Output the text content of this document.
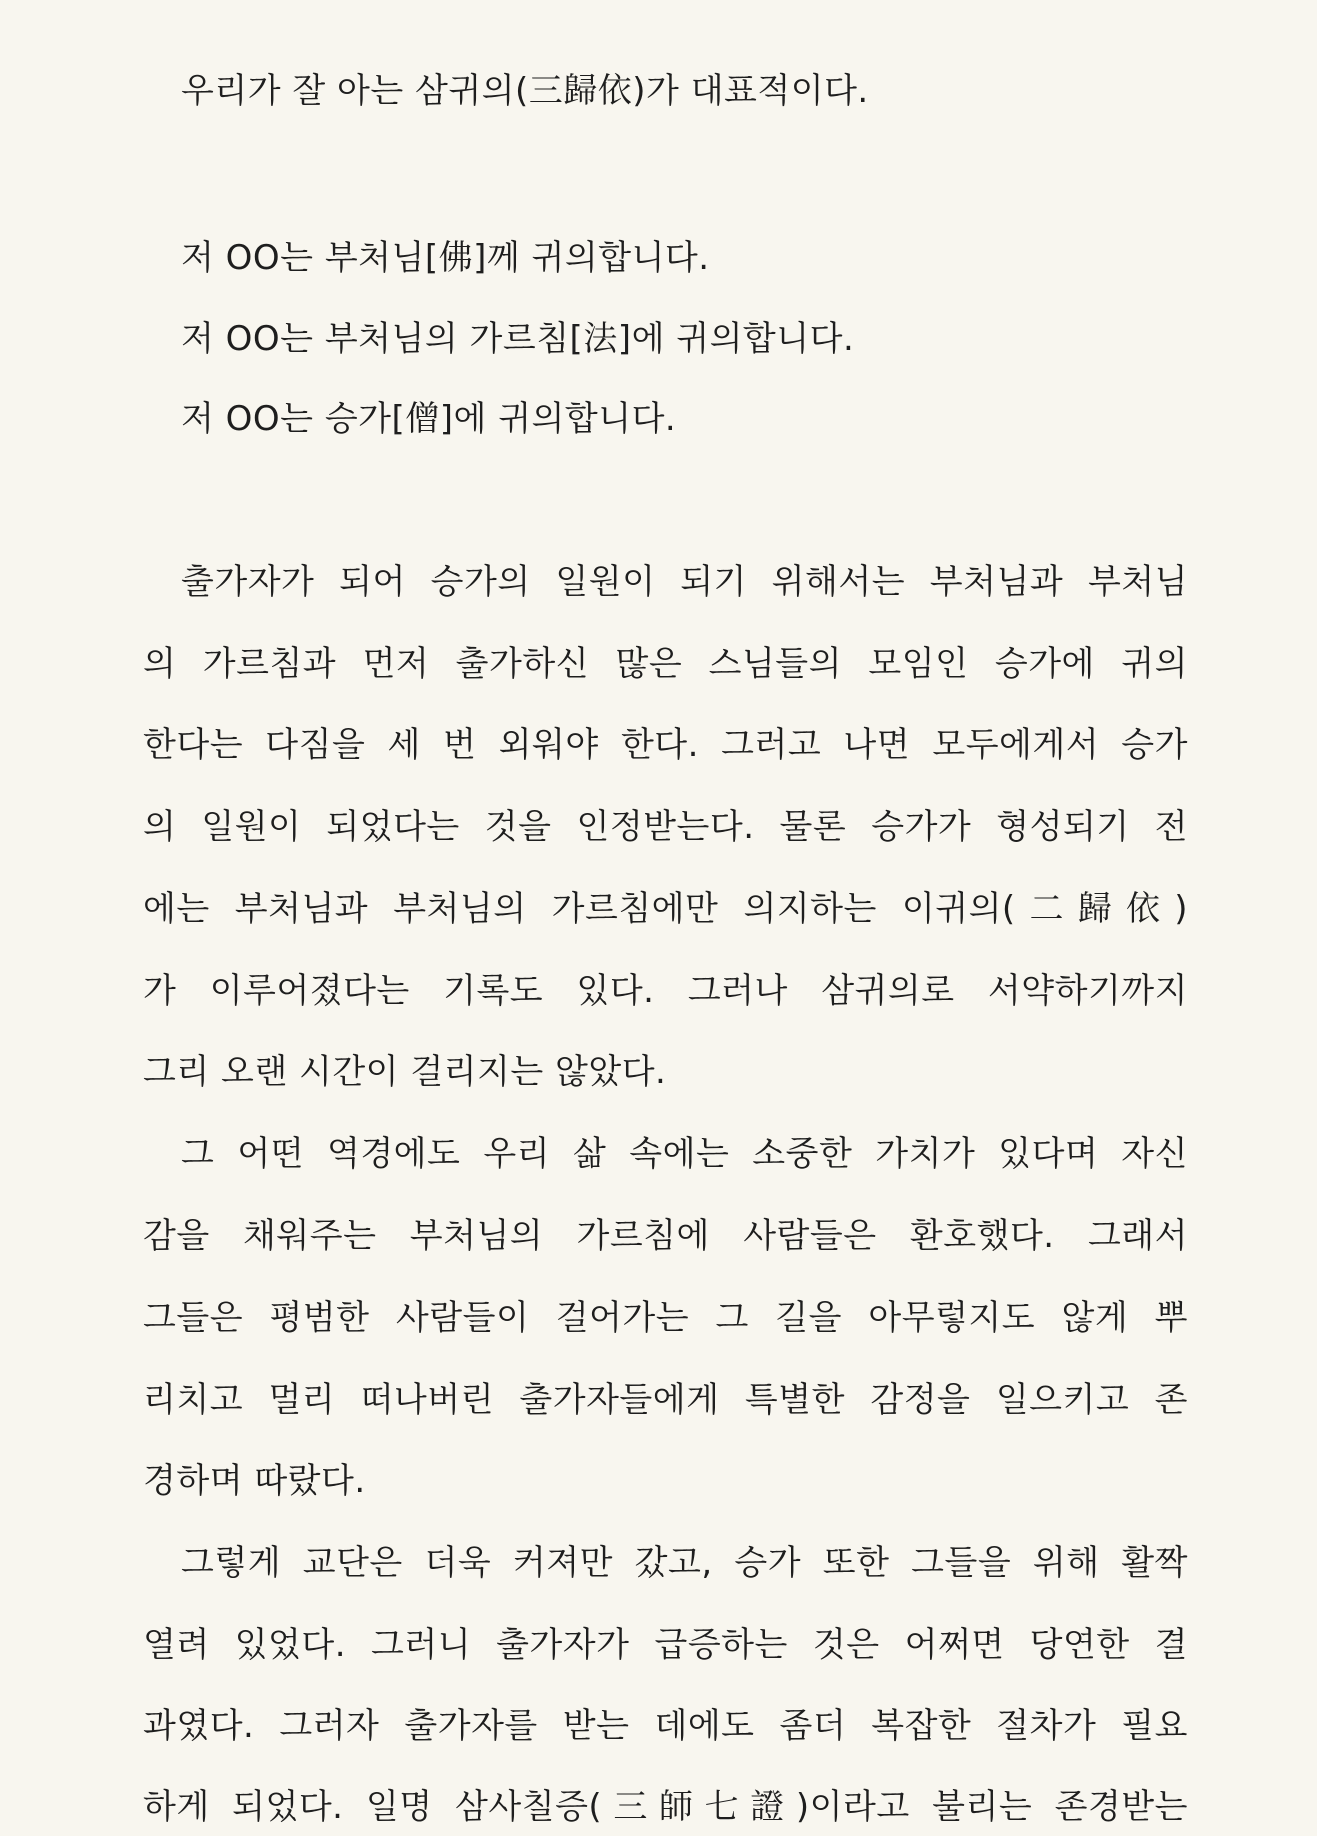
우리가 잘 아는 삼귀의(三歸依)가 대표적이다.
저 OO는 부처님[佛]께 귀의합니다.
저 OO는 부처님의 가르침[法]에 귀의합니다.
저 OO는 승가[僧]에 귀의합니다.
출가자가 되어 승가의 일원이 되기 위해서는 부처님과 부처님
의 가르침과 먼저 출가하신 많은 스님들의 모임인 승가에 귀의
한다는 다짐을 세 번 외워야 한다. 그러고 나면 모두에게서 승가
의 일원이 되었다는 것을 인정받는다. 물론 승가가 형성되기 전
에는 부처님과 부처님의 가르침에만 의지하는 이귀의(二歸依)
가 이루어졌다는 기록도 있다. 그러나 삼귀의로 서약하기까지
그리 오랜 시간이 걸리지는 않았다.
그 어떤 역경에도 우리 삶 속에는 소중한 가치가 있다며 자신
감을 채워주는 부처님의 가르침에 사람들은 환호했다. 그래서
그들은 평범한 사람들이 걸어가는 그 길을 아무렇지도 않게 뿌
리치고 멀리 떠나버린 출가자들에게 특별한 감정을 일으키고 존
경하며 따랐다.
그렇게 교단은 더욱 커져만 갔고, 승가 또한 그들을 위해 활짝
열려 있었다. 그러니 출가자가 급증하는 것은 어쩌면 당연한 결
과였다. 그러자 출가자를 받는 데에도 좀더 복잡한 절차가 필요
하게 되었다. 일명 삼사칠증(三師七證)이라고 불리는 존경받는
